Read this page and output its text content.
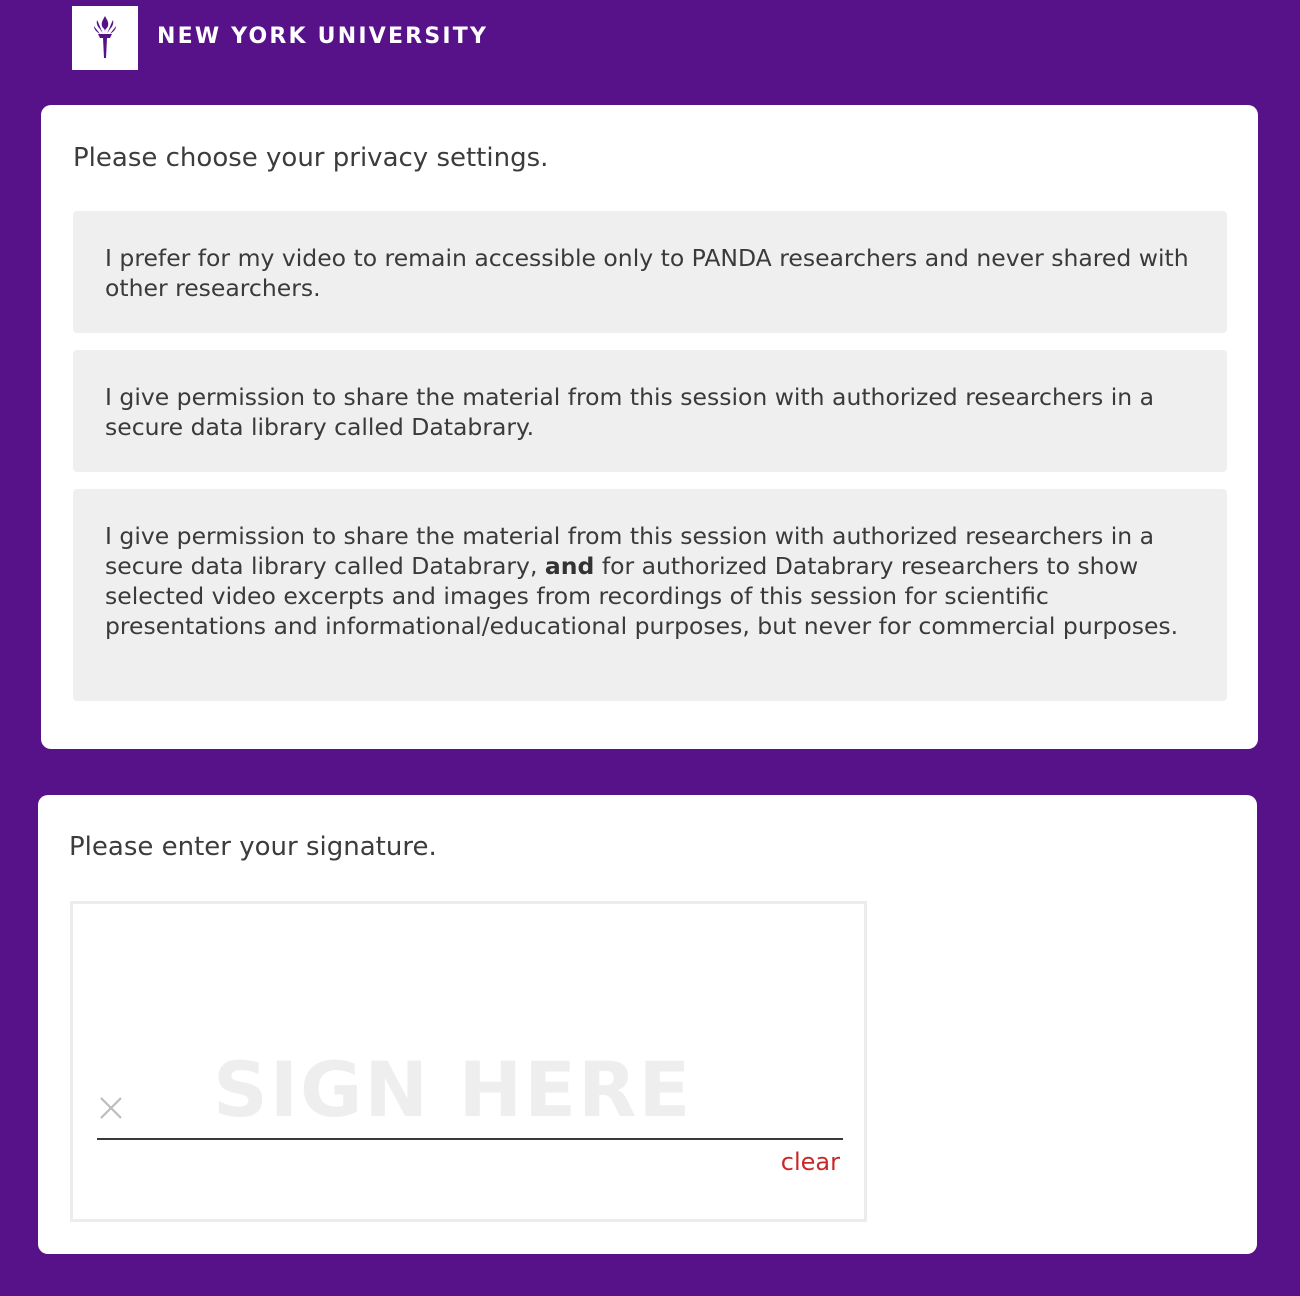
NEW YORK UNIVERSITY
Please choose your privacy settings.
I prefer for my video to remain accessible only to PANDA researchers and never shared with other researchers.
I give permission to share the material from this session with authorized researchers in a secure data library called Databrary.
I give permission to share the material from this session with authorized researchers in a secure data library called Databrary, and for authorized Databrary researchers to show selected video excerpts and images from recordings of this session for scientific presentations and informational/educational purposes, but never for commercial purposes.
Please enter your signature.
SIGN HERE
clear
